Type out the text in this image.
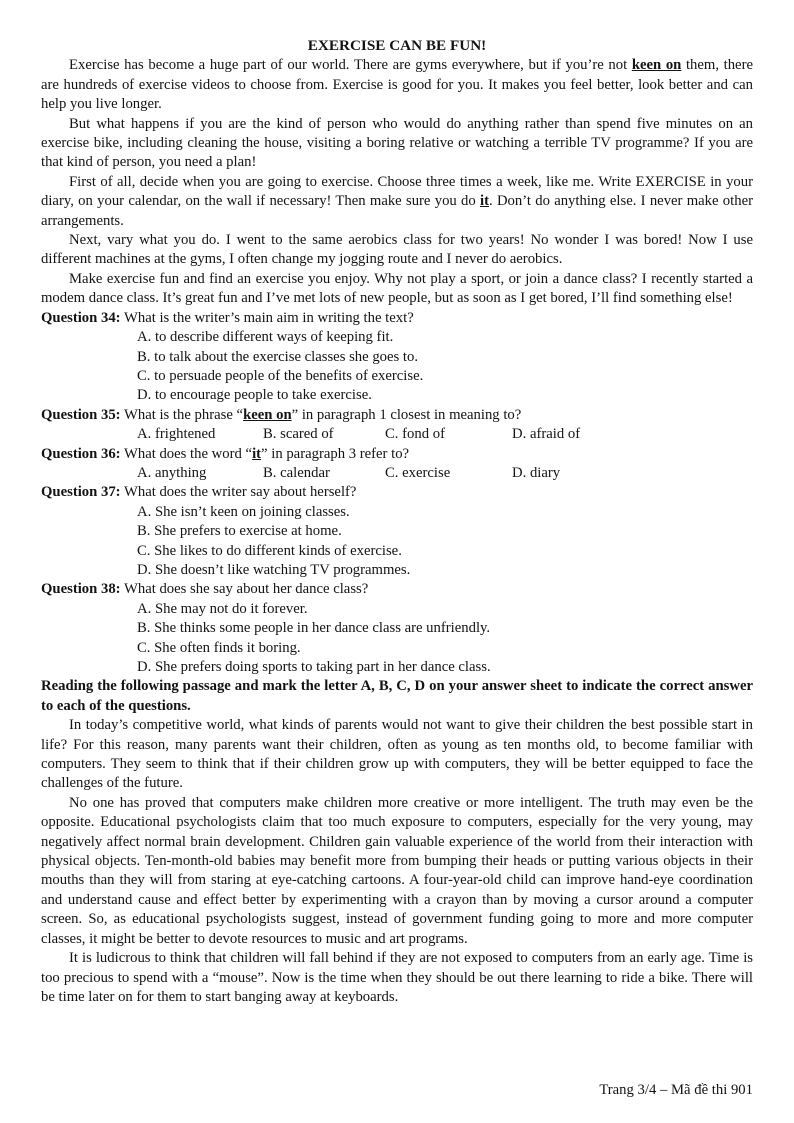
EXERCISE CAN BE FUN!

Exercise has become a huge part of our world. There are gyms everywhere, but if you’re not keen on them, there are hundreds of exercise videos to choose from. Exercise is good for you. It makes you feel better, look better and can help you live longer.

But what happens if you are the kind of person who would do anything rather than spend five minutes on an exercise bike, including cleaning the house, visiting a boring relative or watching a terrible TV programme? If you are that kind of person, you need a plan!

First of all, decide when you are going to exercise. Choose three times a week, like me. Write EXERCISE in your diary, on your calendar, on the wall if necessary! Then make sure you do it. Don’t do anything else. I never make other arrangements.

Next, vary what you do. I went to the same aerobics class for two years! No wonder I was bored! Now I use different machines at the gyms, I often change my jogging route and I never do aerobics.

Make exercise fun and find an exercise you enjoy. Why not play a sport, or join a dance class? I recently started a modem dance class. It’s great fun and I’ve met lots of new people, but as soon as I get bored, I’ll find something else!

Question 34: What is the writer’s main aim in writing the text?
A. to describe different ways of keeping fit.
B. to talk about the exercise classes she goes to.
C. to persuade people of the benefits of exercise.
D. to encourage people to take exercise.
Question 35: What is the phrase “keen on” in paragraph 1 closest in meaning to?
A. frightened	B. scared of	C. fond of	D. afraid of
Question 36: What does the word “it” in paragraph 3 refer to?
A. anything	B. calendar	C. exercise	D. diary
Question 37: What does the writer say about herself?
A. She isn’t keen on joining classes.
B. She prefers to exercise at home.
C. She likes to do different kinds of exercise.
D. She doesn’t like watching TV programmes.
Question 38: What does she say about her dance class?
A. She may not do it forever.
B. She thinks some people in her dance class are unfriendly.
C. She often finds it boring.
D. She prefers doing sports to taking part in her dance class.

Reading the following passage and mark the letter A, B, C, D on your answer sheet to indicate the correct answer to each of the questions.

In today’s competitive world, what kinds of parents would not want to give their children the best possible start in life? For this reason, many parents want their children, often as young as ten months old, to become familiar with computers. They seem to think that if their children grow up with computers, they will be better equipped to face the challenges of the future.

No one has proved that computers make children more creative or more intelligent. The truth may even be the opposite. Educational psychologists claim that too much exposure to computers, especially for the very young, may negatively affect normal brain development. Children gain valuable experience of the world from their interaction with physical objects. Ten-month-old babies may benefit more from bumping their heads or putting various objects in their mouths than they will from staring at eye-catching cartoons. A four-year-old child can improve hand-eye coordination and understand cause and effect better by experimenting with a crayon than by moving a cursor around a computer screen. So, as educational psychologists suggest, instead of government funding going to more and more computer classes, it might be better to devote resources to music and art programs.

It is ludicrous to think that children will fall behind if they are not exposed to computers from an early age. Time is too precious to spend with a “mouse”. Now is the time when they should be out there learning to ride a bike. There will be time later on for them to start banging away at keyboards.

Trang 3/4 – Mã đề thi 901
